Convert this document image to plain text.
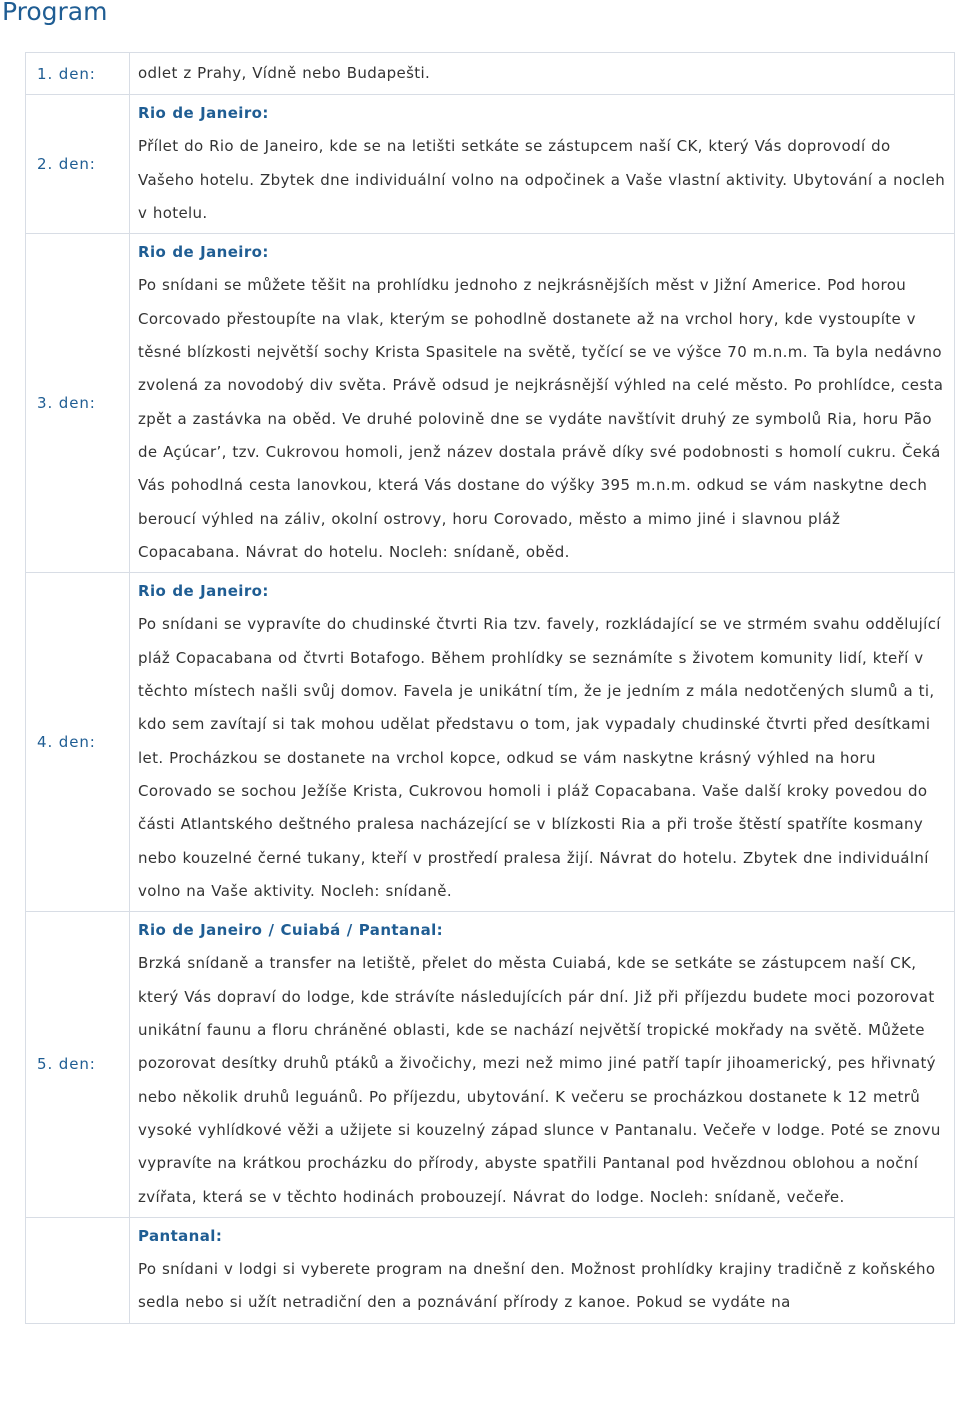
Program
1. den:	odlet z Prahy, Vídně nebo Budapešti.

2. den:	Rio de Janeiro:
Přílet do Rio de Janeiro, kde se na letišti setkáte se zástupcem naší CK, který Vás doprovodí do Vašeho hotelu. Zbytek dne individuální volno na odpočinek a Vaše vlastní aktivity. Ubytování a nocleh v hotelu.

3. den:	Rio de Janeiro:
Po snídani se můžete těšit na prohlídku jednoho z nejkrásnějších měst v Jižní Americe. Pod horou Corcovado přestoupíte na vlak, kterým se pohodlně dostanete až na vrchol hory, kde vystoupíte v těsné blízkosti největší sochy Krista Spasitele na světě, tyčící se ve výšce 70 m.n.m. Ta byla nedávno zvolená za novodobý div světa. Právě odsud je nejkrásnější výhled na celé město. Po prohlídce, cesta zpět a zastávka na oběd. Ve druhé polovině dne se vydáte navštívit druhý ze symbolů Ria, horu Pão de Açúcar’, tzv. Cukrovou homoli, jenž název dostala právě díky své podobnosti s homolí cukru. Čeká Vás pohodlná cesta lanovkou, která Vás dostane do výšky 395 m.n.m. odkud se vám naskytne dech beroucí výhled na záliv, okolní ostrovy, horu Corovado, město a mimo jiné i slavnou pláž Copacabana. Návrat do hotelu. Nocleh: snídaně, oběd.

4. den:	Rio de Janeiro:
Po snídani se vypravíte do chudinské čtvrti Ria tzv. favely, rozkládající se ve strmém svahu oddělující pláž Copacabana od čtvrti Botafogo. Během prohlídky se seznámíte s životem komunity lidí, kteří v těchto místech našli svůj domov. Favela je unikátní tím, že je jedním z mála nedotčených slumů a ti, kdo sem zavítají si tak mohou udělat představu o tom, jak vypadaly chudinské čtvrti před desítkami let. Procházkou se dostanete na vrchol kopce, odkud se vám naskytne krásný výhled na horu Corovado se sochou Ježíše Krista, Cukrovou homoli i pláž Copacabana. Vaše další kroky povedou do části Atlantského deštného pralesa nacházející se v blízkosti Ria a při troše štěstí spatříte kosmany nebo kouzelné černé tukany, kteří v prostředí pralesa žijí. Návrat do hotelu. Zbytek dne individuální volno na Vaše aktivity. Nocleh: snídaně.

5. den:	Rio de Janeiro / Cuiabá / Pantanal:
Brzká snídaně a transfer na letiště, přelet do města Cuiabá, kde se setkáte se zástupcem naší CK, který Vás dopraví do lodge, kde strávíte následujících pár dní. Již při příjezdu budete moci pozorovat unikátní faunu a floru chráněné oblasti, kde se nachází největší tropické mokřady na světě. Můžete pozorovat desítky druhů ptáků a živočichy, mezi než mimo jiné patří tapír jihoamerický, pes hřivnatý nebo několik druhů leguánů. Po příjezdu, ubytování. K večeru se procházkou dostanete k 12 metrů vysoké vyhlídkové věži a užijete si kouzelný západ slunce v Pantanalu. Večeře v lodge. Poté se znovu vypravíte na krátkou procházku do přírody, abyste spatřili Pantanal pod hvězdnou oblohou a noční zvířata, která se v těchto hodinách probouzejí. Návrat do lodge. Nocleh: snídaně, večeře.

	Pantanal:
Po snídani v lodgi si vyberete program na dnešní den. Možnost prohlídky krajiny tradičně z koňského sedla nebo si užít netradiční den a poznávání přírody z kanoe. Pokud se vydáte na
